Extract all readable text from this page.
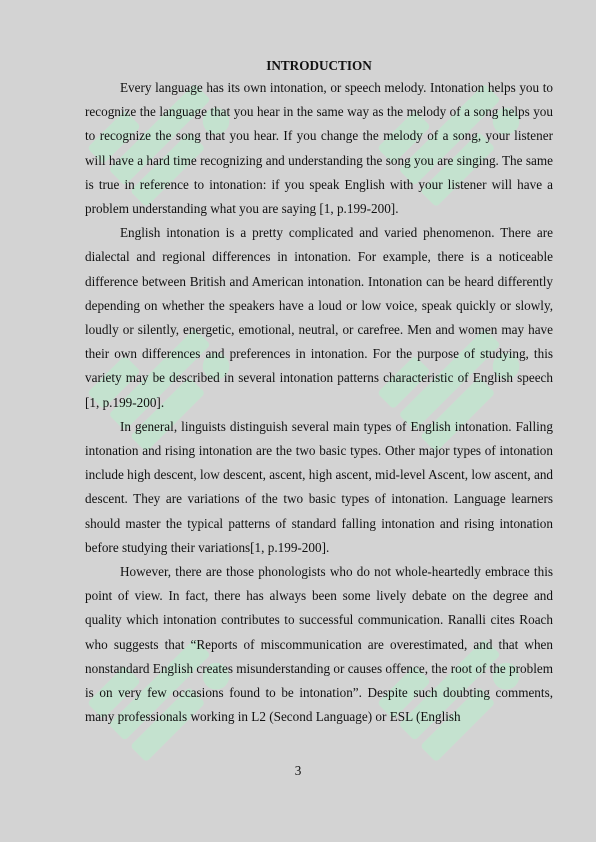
INTRODUCTION

Every language has its own intonation, or speech melody. Intonation helps you to recognize the language that you hear in the same way as the melody of a song helps you to recognize the song that you hear. If you change the melody of a song, your listener will have a hard time recognizing and understanding the song you are singing. The same is true in reference to intonation: if you speak English with your listener will have a problem understanding what you are saying [1, p.199-200].

English intonation is a pretty complicated and varied phenomenon. There are dialectal and regional differences in intonation. For example, there is a noticeable difference between British and American intonation. Intonation can be heard differently depending on whether the speakers have a loud or low voice, speak quickly or slowly, loudly or silently, energetic, emotional, neutral, or carefree. Men and women may have their own differences and preferences in intonation. For the purpose of studying, this variety may be described in several intonation patterns characteristic of English speech [1, p.199-200].

In general, linguists distinguish several main types of English intonation. Falling intonation and rising intonation are the two basic types. Other major types of intonation include high descent, low descent, ascent, high ascent, mid-level Ascent, low ascent, and descent. They are variations of the two basic types of intonation. Language learners should master the typical patterns of standard falling intonation and rising intonation before studying their variations[1, p.199-200].

However, there are those phonologists who do not whole-heartedly embrace this point of view. In fact, there has always been some lively debate on the degree and quality which intonation contributes to successful communication. Ranalli cites Roach who suggests that “Reports of miscommunication are overestimated, and that when nonstandard English creates misunderstanding or causes offence, the root of the problem is on very few occasions found to be intonation”. Despite such doubting comments, many professionals working in L2 (Second Language) or ESL (English

3
